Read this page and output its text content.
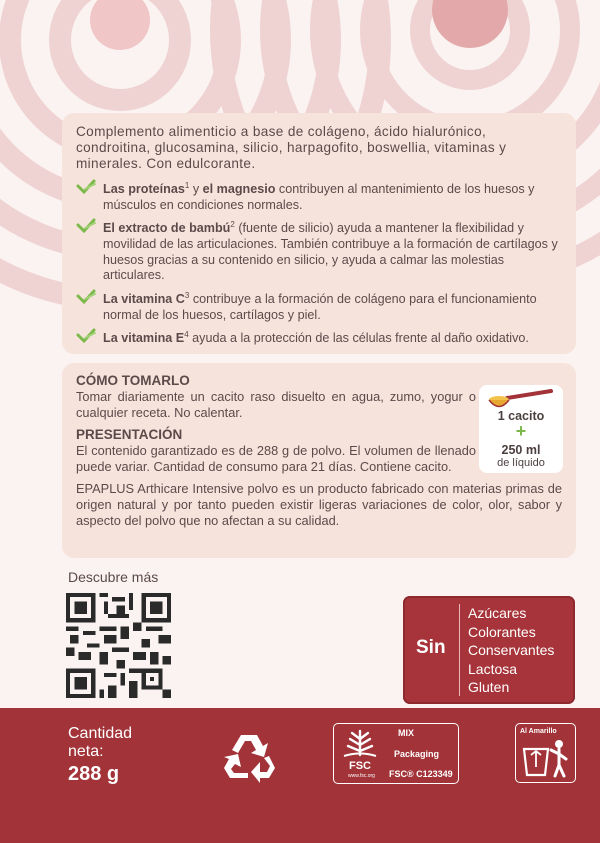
Complemento alimenticio a base de colágeno, ácido hialurónico, condroitina, glucosamina, silicio, harpagofito, boswellia, vitaminas y minerales. Con edulcorante.

Las proteínas$^1$ y el magnesio contribuyen al mantenimiento de los huesos y músculos en condiciones normales.
El extracto de bambú$^2$ (fuente de silicio) ayuda a mantener la flexibilidad y movilidad de las articulaciones. También contribuye a la formación de cartílagos y huesos gracias a su contenido en silicio, y ayuda a calmar las molestias articulares.
La vitamina $C^3$ contribuye a la formación de colágeno para el funcionamiento normal de los huesos, cartílagos y piel.
La vitamina $E^4$ ayuda a la protección de las células frente al daño oxidativo.

CÓMO TOMARLO

Tomar diariamente un cacito raso disuelto en agua, zumo, yogur o cualquier receta. No calentar.

PRESENTACIÓN

El contenido garantizado es de 288 g de polvo. El volumen de llenado puede variar. Cantidad de consumo para 21 días. Contiene cacito.

EPAPLUS Arthicare Intensive polvo es un producto fabricado con materias primas de origen natural y por tanto pueden existir ligeras variaciones de color, olor, sabor y aspecto del polvo que no afectan a su calidad.

1 cacito
+
250 ml
de líquido
Descubre más
Sin
Azúcares
Colorantes
Conservantes
Lactosa
Gluten
Cantidad
neta:
288 g	FSC
www.fsc.org
MIX
Packaging
FSC® C123349
Al Amarillo
